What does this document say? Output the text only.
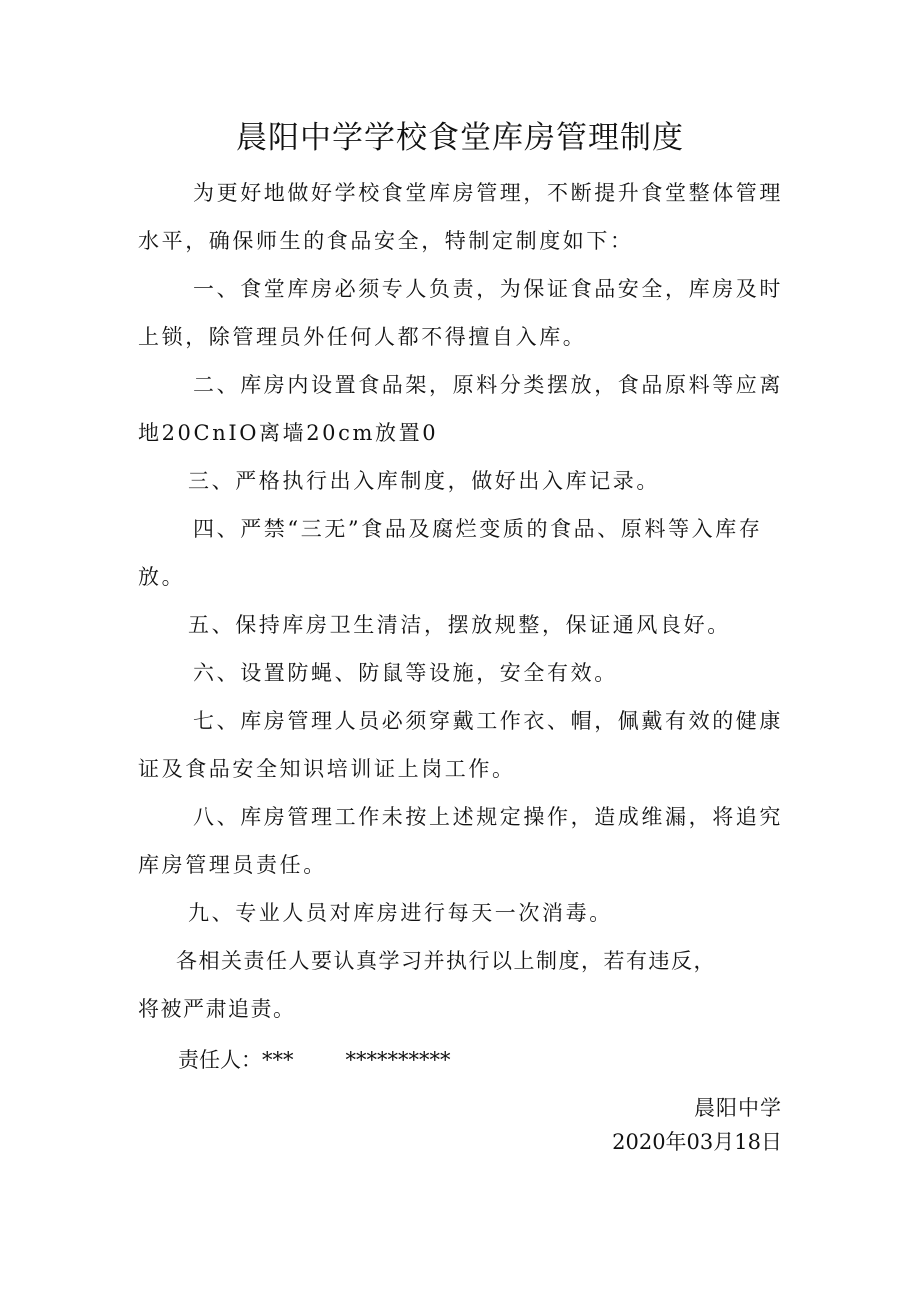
晨阳中学学校食堂库房管理制度

为更好地做好学校食堂库房管理，不断提升食堂整体管理水平，确保师生的食品安全，特制定制度如下：

一、食堂库房必须专人负责，为保证食品安全，库房及时上锁，除管理员外任何人都不得擅自入库。

二、库房内设置食品架，原料分类摆放，食品原料等应离地20CnIO离墙20cm放置0

三、严格执行出入库制度，做好出入库记录。

四、严禁“三无”食品及腐烂变质的食品、原料等入库存放。

五、保持库房卫生清洁，摆放规整，保证通风良好。

六、设置防蝇、防鼠等设施，安全有效。

七、库房管理人员必须穿戴工作衣、帽，佩戴有效的健康证及食品安全知识培训证上岗工作。

八、库房管理工作未按上述规定操作，造成维漏，将追究库房管理员责任。

九、专业人员对库房进行每天一次消毒。

各相关责任人要认真学习并执行以上制度，若有违反，

将被严肃追责。

责任人：*** **********
晨阳中学
2020年03月18日
